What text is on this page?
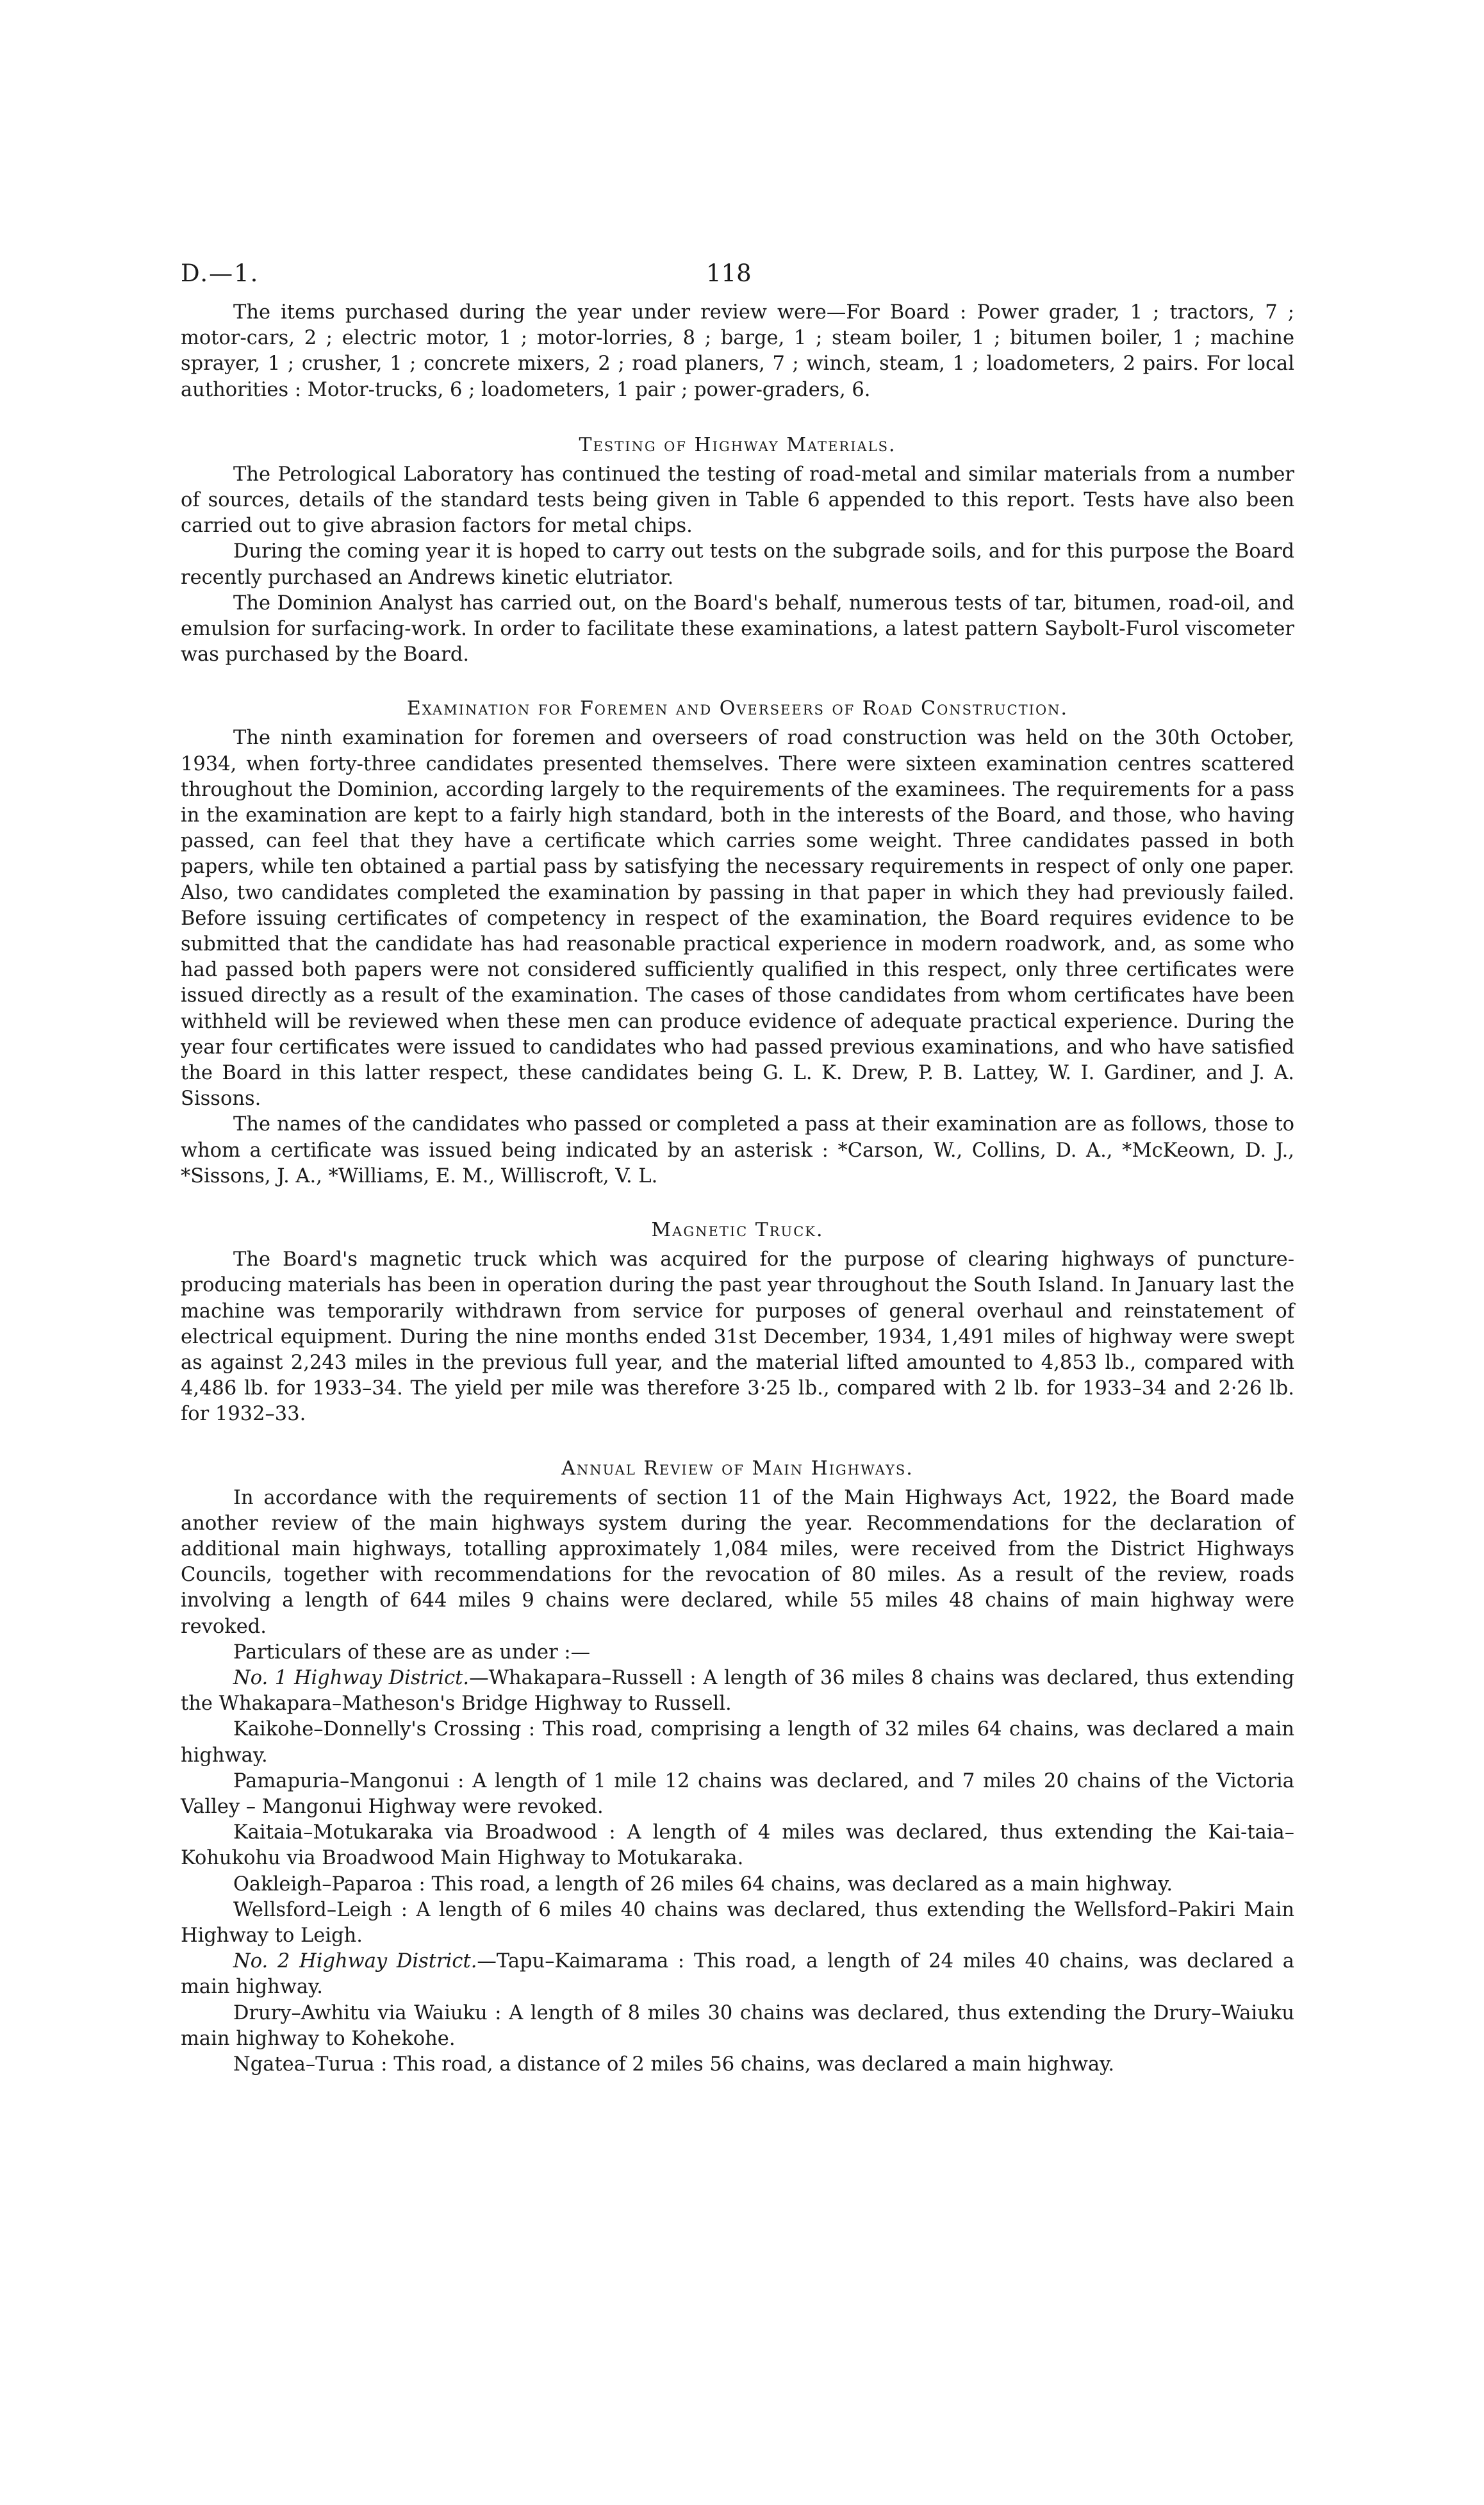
D.—1.	118

The items purchased during the year under review were—For Board : Power grader, 1 ; tractors, 7 ; motor-cars, 2 ; electric motor, 1 ; motor-lorries, 8 ; barge, 1 ; steam boiler, 1 ; bitumen boiler, 1 ; machine sprayer, 1 ; crusher, 1 ; concrete mixers, 2 ; road planers, 7 ; winch, steam, 1 ; loadometers, 2 pairs. For local authorities : Motor-trucks, 6 ; loadometers, 1 pair ; power-graders, 6.

Testing of Highway Materials.

The Petrological Laboratory has continued the testing of road-metal and similar materials from a number of sources, details of the standard tests being given in Table 6 appended to this report. Tests have also been carried out to give abrasion factors for metal chips.

During the coming year it is hoped to carry out tests on the subgrade soils, and for this purpose the Board recently purchased an Andrews kinetic elutriator.

The Dominion Analyst has carried out, on the Board's behalf, numerous tests of tar, bitumen, road-oil, and emulsion for surfacing-work. In order to facilitate these examinations, a latest pattern Saybolt-Furol viscometer was purchased by the Board.

Examination for Foremen and Overseers of Road Construction.

The ninth examination for foremen and overseers of road construction was held on the 30th October, 1934, when forty-three candidates presented themselves. There were sixteen examination centres scattered throughout the Dominion, according largely to the requirements of the examinees. The requirements for a pass in the examination are kept to a fairly high standard, both in the interests of the Board, and those, who having passed, can feel that they have a certificate which carries some weight. Three candidates passed in both papers, while ten obtained a partial pass by satisfying the necessary requirements in respect of only one paper. Also, two candidates completed the examination by passing in that paper in which they had previously failed. Before issuing certificates of competency in respect of the examination, the Board requires evidence to be submitted that the candidate has had reasonable practical experience in modern roadwork, and, as some who had passed both papers were not considered sufficiently qualified in this respect, only three certificates were issued directly as a result of the examination. The cases of those candidates from whom certificates have been withheld will be reviewed when these men can produce evidence of adequate practical experience. During the year four certificates were issued to candidates who had passed previous examinations, and who have satisfied the Board in this latter respect, these candidates being G. L. K. Drew, P. B. Lattey, W. I. Gardiner, and J. A. Sissons.

The names of the candidates who passed or completed a pass at their examination are as follows, those to whom a certificate was issued being indicated by an asterisk : *Carson, W., Collins, D. A., *McKeown, D. J., *Sissons, J. A., *Williams, E. M., Williscroft, V. L.

Magnetic Truck.

The Board's magnetic truck which was acquired for the purpose of clearing highways of puncture-producing materials has been in operation during the past year throughout the South Island. In January last the machine was temporarily withdrawn from service for purposes of general overhaul and reinstatement of electrical equipment. During the nine months ended 31st December, 1934, 1,491 miles of highway were swept as against 2,243 miles in the previous full year, and the material lifted amounted to 4,853 lb., compared with 4,486 lb. for 1933–34. The yield per mile was therefore 3·25 lb., compared with 2 lb. for 1933–34 and 2·26 lb. for 1932–33.

Annual Review of Main Highways.

In accordance with the requirements of section 11 of the Main Highways Act, 1922, the Board made another review of the main highways system during the year. Recommendations for the declaration of additional main highways, totalling approximately 1,084 miles, were received from the District Highways Councils, together with recommendations for the revocation of 80 miles. As a result of the review, roads involving a length of 644 miles 9 chains were declared, while 55 miles 48 chains of main highway were revoked.

Particulars of these are as under :—

No. 1 Highway District.—Whakapara–Russell : A length of 36 miles 8 chains was declared, thus extending the Whakapara–Matheson's Bridge Highway to Russell.

Kaikohe–Donnelly's Crossing : This road, comprising a length of 32 miles 64 chains, was declared a main highway.

Pamapuria–Mangonui : A length of 1 mile 12 chains was declared, and 7 miles 20 chains of the Victoria Valley – Mangonui Highway were revoked.

Kaitaia–Motukaraka via Broadwood : A length of 4 miles was declared, thus extending the Kai-taia–Kohukohu via Broadwood Main Highway to Motukaraka.

Oakleigh–Paparoa : This road, a length of 26 miles 64 chains, was declared as a main highway.

Wellsford–Leigh : A length of 6 miles 40 chains was declared, thus extending the Wellsford–Pakiri Main Highway to Leigh.

No. 2 Highway District.—Tapu–Kaimarama : This road, a length of 24 miles 40 chains, was declared a main highway.

Drury–Awhitu via Waiuku : A length of 8 miles 30 chains was declared, thus extending the Drury–Waiuku main highway to Kohekohe.

Ngatea–Turua : This road, a distance of 2 miles 56 chains, was declared a main highway.
